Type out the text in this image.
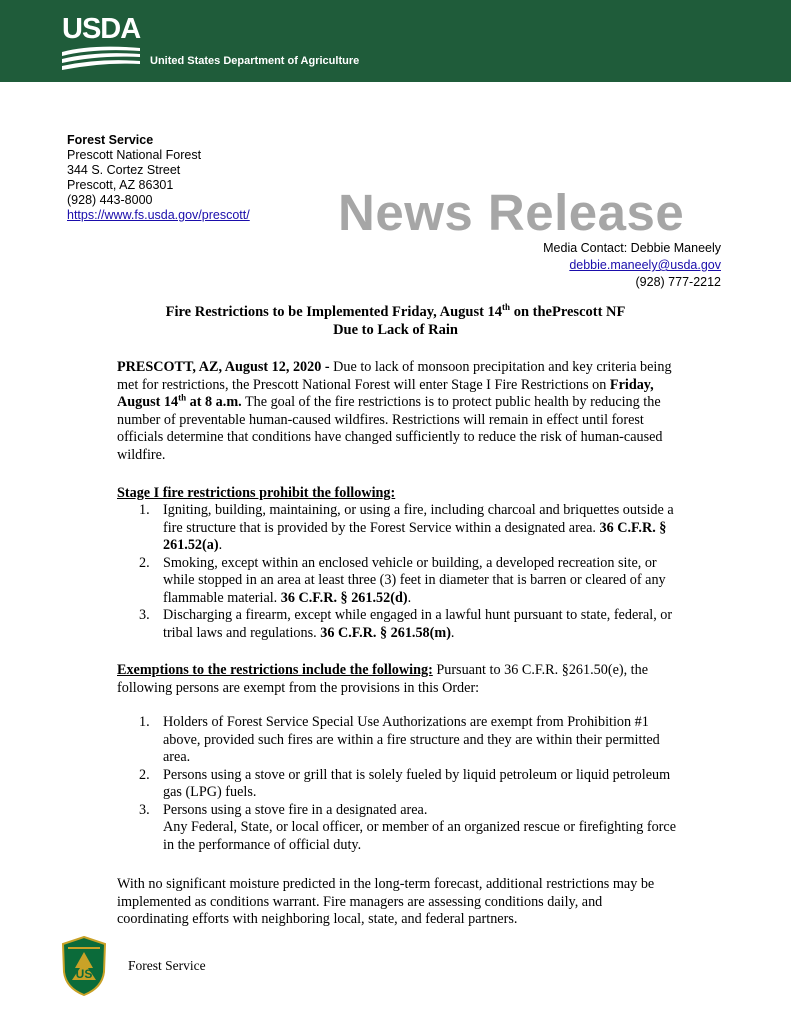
USDA
United States Department of Agriculture
Forest Service
Prescott National Forest
344 S. Cortez Street
Prescott, AZ 86301
(928) 443-8000
https://www.fs.usda.gov/prescott/ News Release
Media Contact: Debbie Maneely
debbie.maneely@usda.gov
(928) 777-2212
Fire Restrictions to be Implemented Friday, August 14th on thePrescott NF
Due to Lack of Rain
PRESCOTT, AZ, August 12, 2020 - Due to lack of monsoon precipitation and key criteria being met for restrictions, the Prescott National Forest will enter Stage I Fire Restrictions on Friday, August 14th at 8 a.m. The goal of the fire restrictions is to protect public health by reducing the number of preventable human-caused wildfires. Restrictions will remain in effect until forest officials determine that conditions have changed sufficiently to reduce the risk of human-caused wildfire.
Stage I fire restrictions prohibit the following:
1. Igniting, building, maintaining, or using a fire, including charcoal and briquettes outside a fire structure that is provided by the Forest Service within a designated area. 36 C.F.R. § 261.52(a).
2. Smoking, except within an enclosed vehicle or building, a developed recreation site, or while stopped in an area at least three (3) feet in diameter that is barren or cleared of any flammable material. 36 C.F.R. § 261.52(d).
3. Discharging a firearm, except while engaged in a lawful hunt pursuant to state, federal, or tribal laws and regulations. 36 C.F.R. § 261.58(m).
Exemptions to the restrictions include the following: Pursuant to 36 C.F.R. §261.50(e), the following persons are exempt from the provisions in this Order:
1. Holders of Forest Service Special Use Authorizations are exempt from Prohibition #1 above, provided such fires are within a fire structure and they are within their permitted area.
2. Persons using a stove or grill that is solely fueled by liquid petroleum or liquid petroleum gas (LPG) fuels.
3. Persons using a stove fire in a designated area.
Any Federal, State, or local officer, or member of an organized rescue or firefighting force in the performance of official duty.
With no significant moisture predicted in the long-term forecast, additional restrictions may be implemented as conditions warrant. Fire managers are assessing conditions daily, and coordinating efforts with neighboring local, state, and federal partners.
US
Forest Service
